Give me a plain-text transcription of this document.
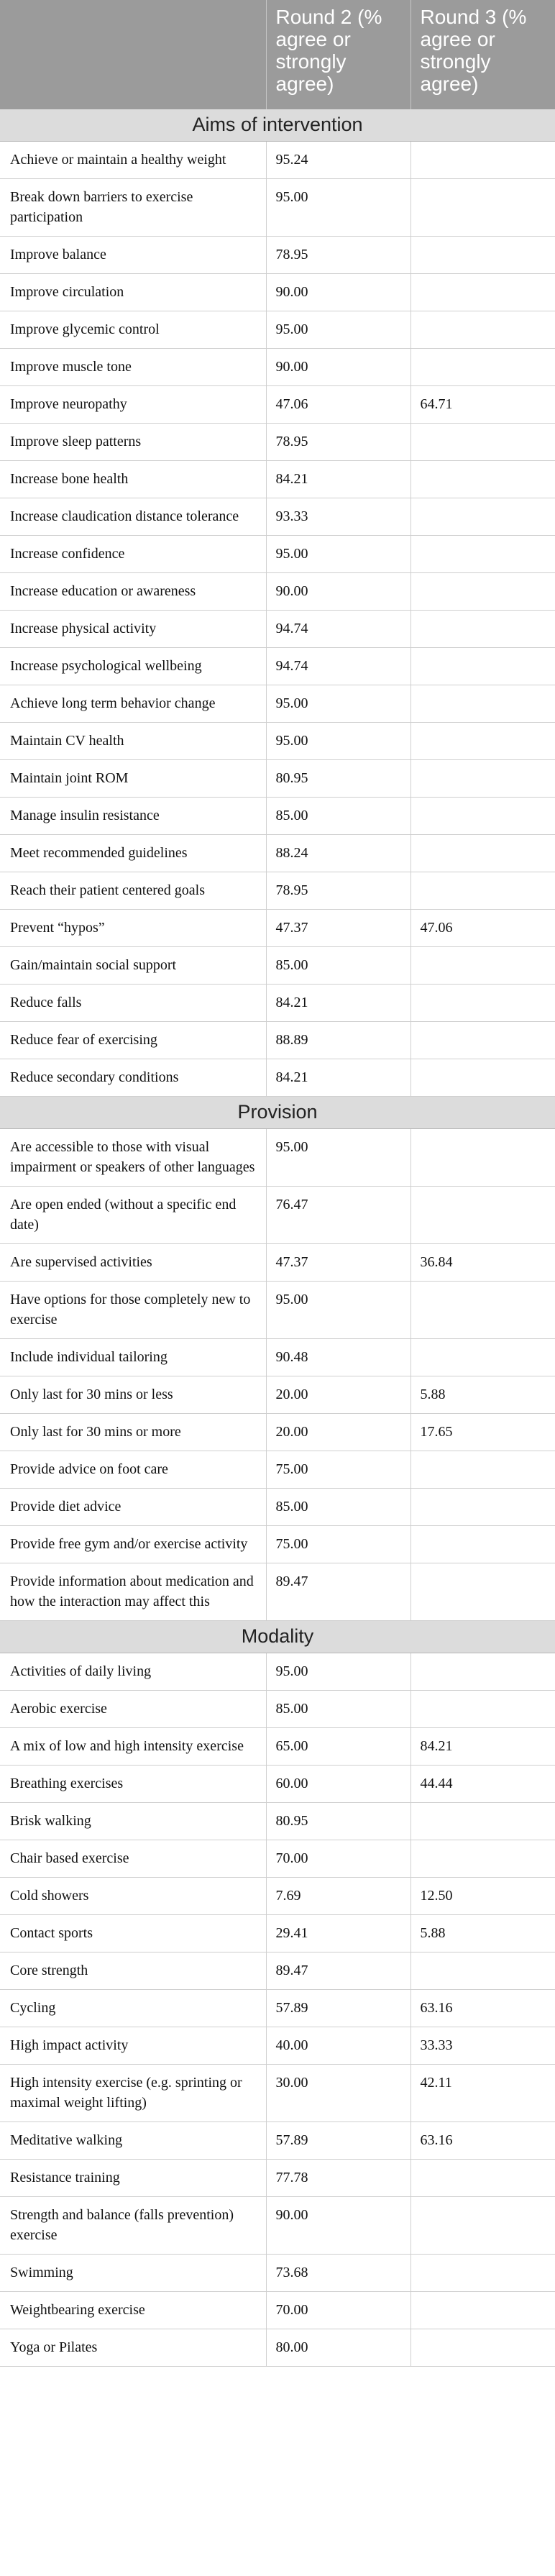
	Round 2 (% agree or strongly agree)	Round 3 (% agree or strongly agree)
Aims of intervention		
Achieve or maintain a healthy weight	95.24	
Break down barriers to exercise participation	95.00	
Improve balance	78.95	
Improve circulation	90.00	
Improve glycemic control	95.00	
Improve muscle tone	90.00	
Improve neuropathy	47.06	64.71
Improve sleep patterns	78.95	
Increase bone health	84.21	
Increase claudication distance tolerance	93.33	
Increase confidence	95.00	
Increase education or awareness	90.00	
Increase physical activity	94.74	
Increase psychological wellbeing	94.74	
Achieve long term behavior change	95.00	
Maintain CV health	95.00	
Maintain joint ROM	80.95	
Manage insulin resistance	85.00	
Meet recommended guidelines	88.24	
Reach their patient centered goals	78.95	
Prevent “hypos”	47.37	47.06
Gain/maintain social support	85.00	
Reduce falls	84.21	
Reduce fear of exercising	88.89	
Reduce secondary conditions	84.21	
Provision		
Are accessible to those with visual impairment or speakers of other languages	95.00	
Are open ended (without a specific end date)	76.47	
Are supervised activities	47.37	36.84
Have options for those completely new to exercise	95.00	
Include individual tailoring	90.48	
Only last for 30 mins or less	20.00	5.88
Only last for 30 mins or more	20.00	17.65
Provide advice on foot care	75.00	
Provide diet advice	85.00	
Provide free gym and/or exercise activity	75.00	
Provide information about medication and how the interaction may affect this	89.47	
Modality		
Activities of daily living	95.00	
Aerobic exercise	85.00	
A mix of low and high intensity exercise	65.00	84.21
Breathing exercises	60.00	44.44
Brisk walking	80.95	
Chair based exercise	70.00	
Cold showers	7.69	12.50
Contact sports	29.41	5.88
Core strength	89.47	
Cycling	57.89	63.16
High impact activity	40.00	33.33
High intensity exercise (e.g. sprinting or maximal weight lifting)	30.00	42.11
Meditative walking	57.89	63.16
Resistance training	77.78	
Strength and balance (falls prevention) exercise	90.00	
Swimming	73.68	
Weightbearing exercise	70.00	
Yoga or Pilates	80.00	
